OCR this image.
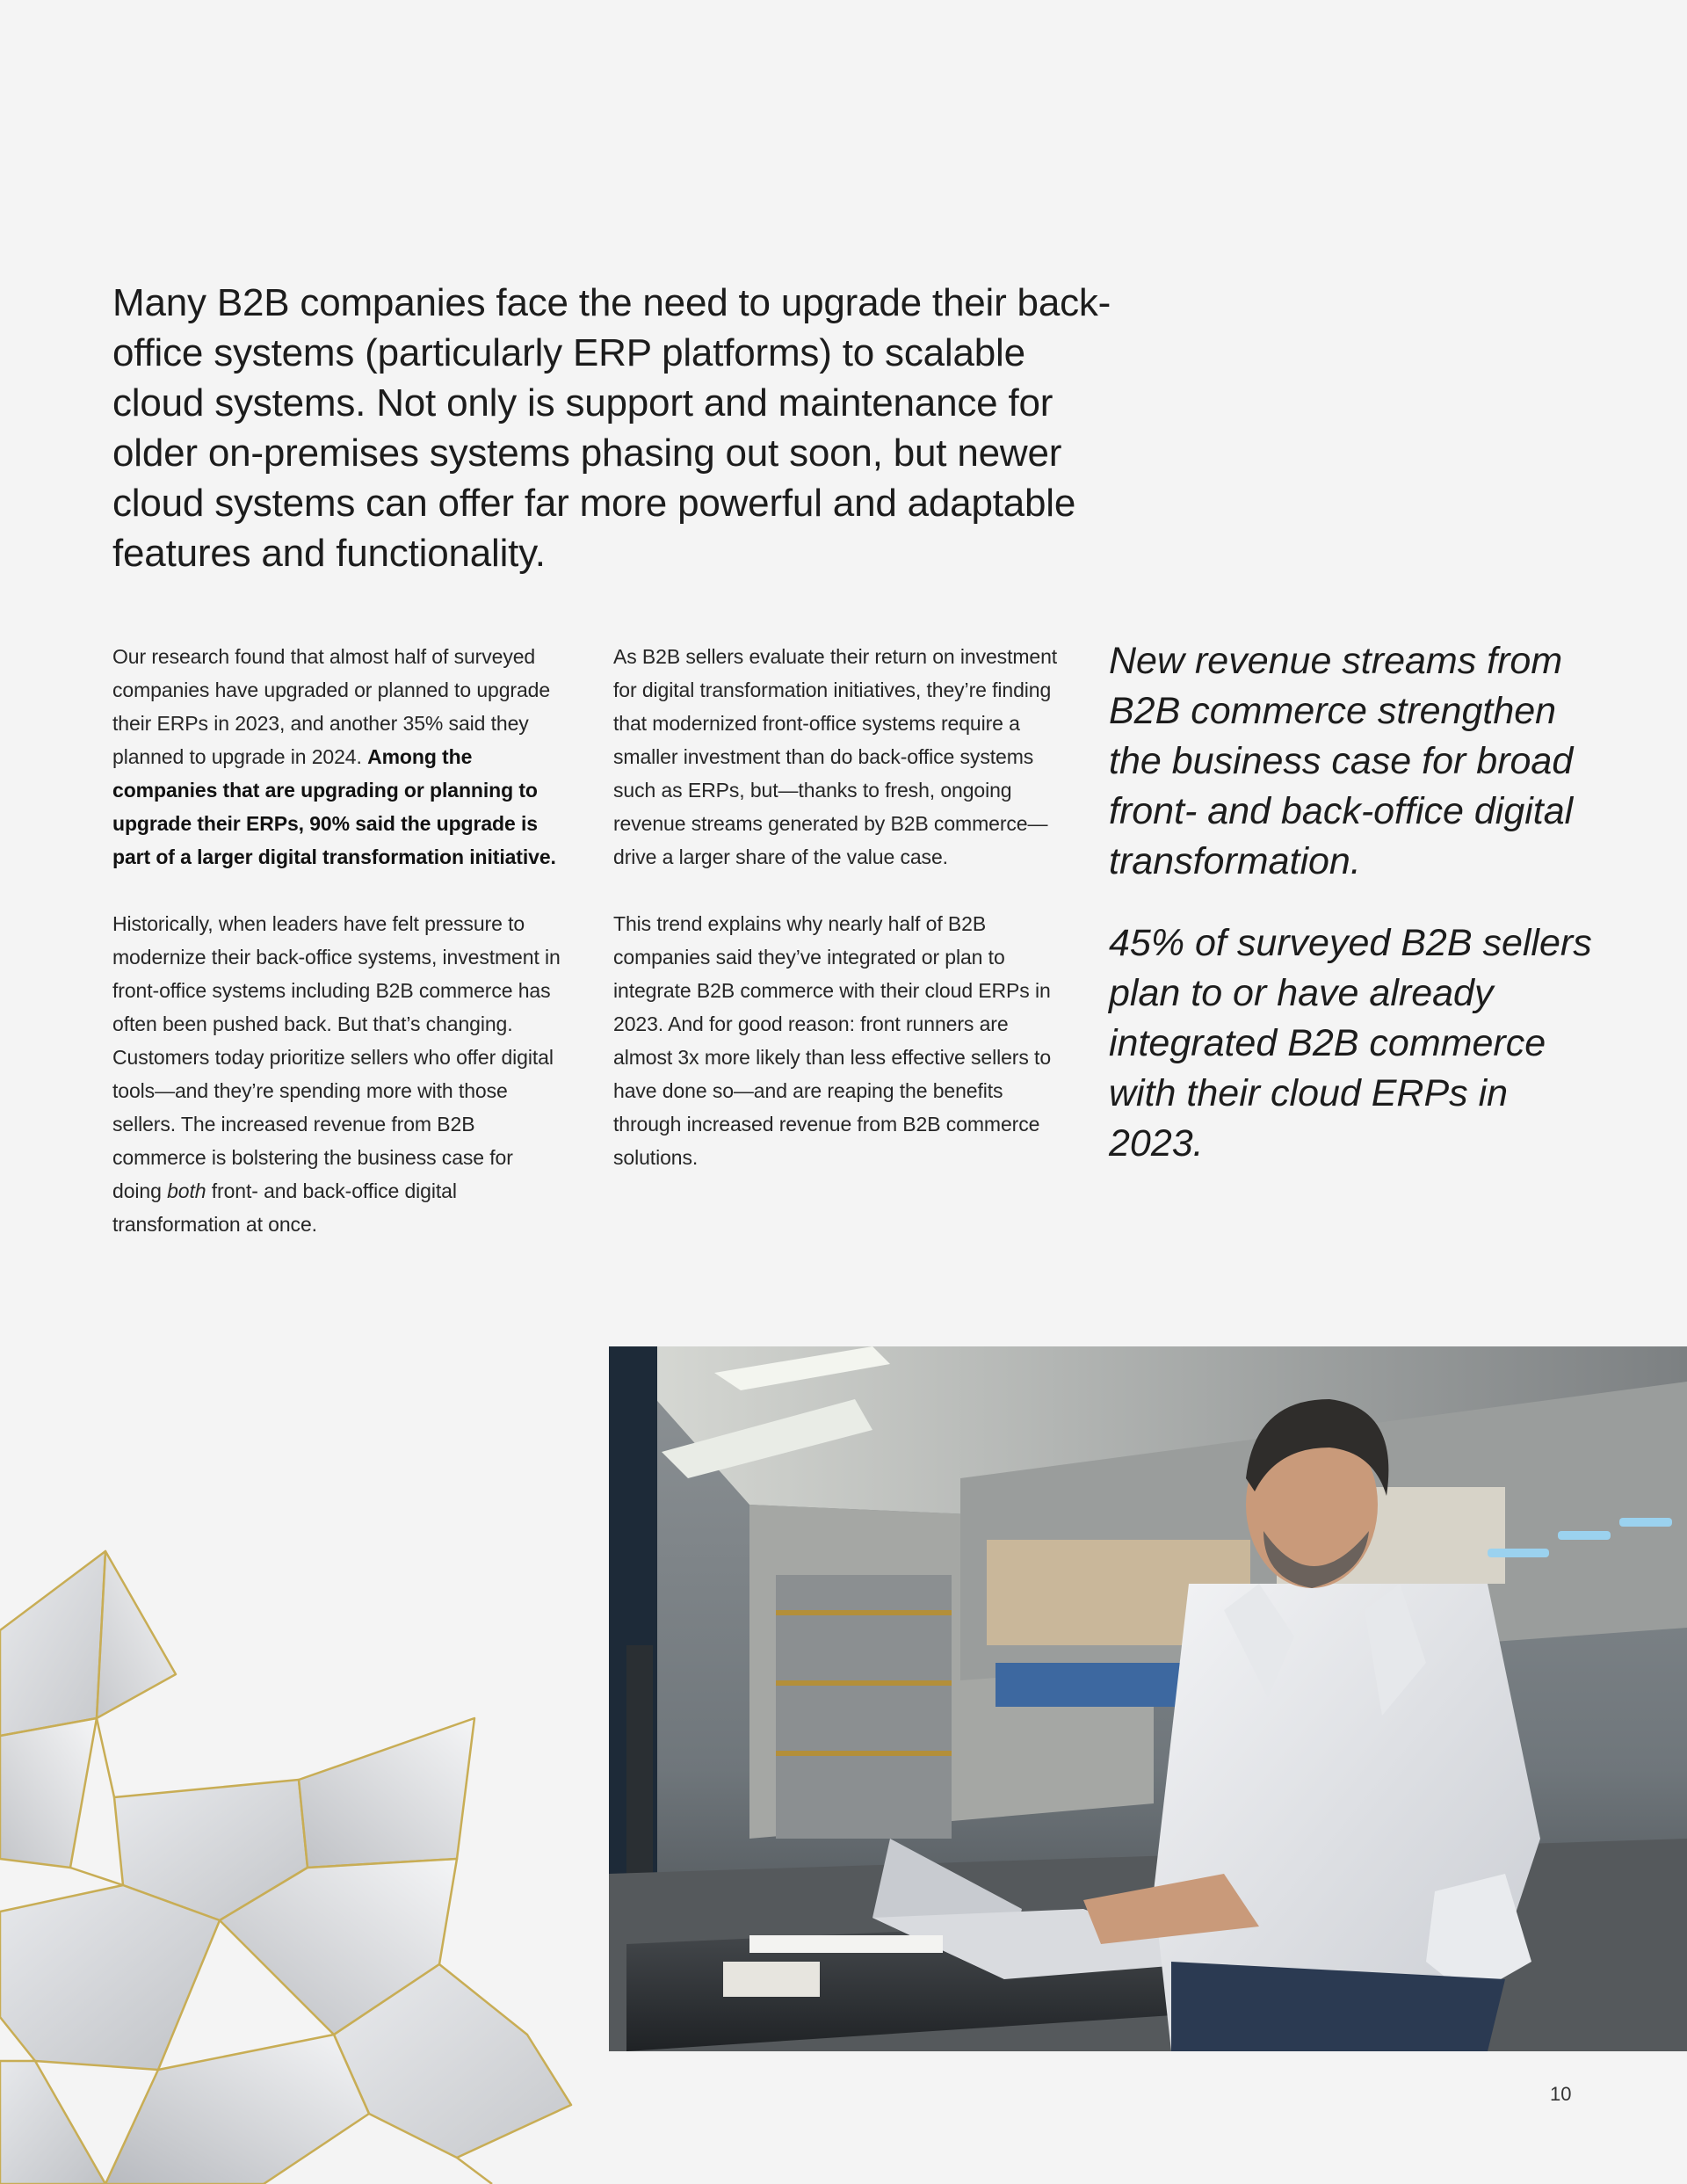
Many B2B companies face the need to upgrade their back-office systems (particularly ERP platforms) to scalable cloud systems. Not only is support and maintenance for older on-premises systems phasing out soon, but newer cloud systems can offer far more powerful and adaptable features and functionality.

Our research found that almost half of surveyed companies have upgraded or planned to upgrade their ERPs in 2023, and another 35% said they planned to upgrade in 2024. Among the companies that are upgrading or planning to upgrade their ERPs, 90% said the upgrade is part of a larger digital transformation initiative.

Historically, when leaders have felt pressure to modernize their back-office systems, investment in front-office systems including B2B commerce has often been pushed back. But that’s changing. Customers today prioritize sellers who offer digital tools—and they’re spending more with those sellers. The increased revenue from B2B commerce is bolstering the business case for doing both front- and back-office digital transformation at once.

As B2B sellers evaluate their return on investment for digital transformation initiatives, they’re finding that modernized front-office systems require a smaller investment than do back-office systems such as ERPs, but—thanks to fresh, ongoing revenue streams generated by B2B commerce—drive a larger share of the value case.

This trend explains why nearly half of B2B companies said they’ve integrated or plan to integrate B2B commerce with their cloud ERPs in 2023. And for good reason: front runners are almost 3x more likely than less effective sellers to have done so—and are reaping the benefits through increased revenue from B2B commerce solutions.

New revenue streams from B2B commerce strengthen the business case for broad front- and back-office digital transformation.

45% of surveyed B2B sellers plan to or have already integrated B2B commerce with their cloud ERPs in 2023.

10
